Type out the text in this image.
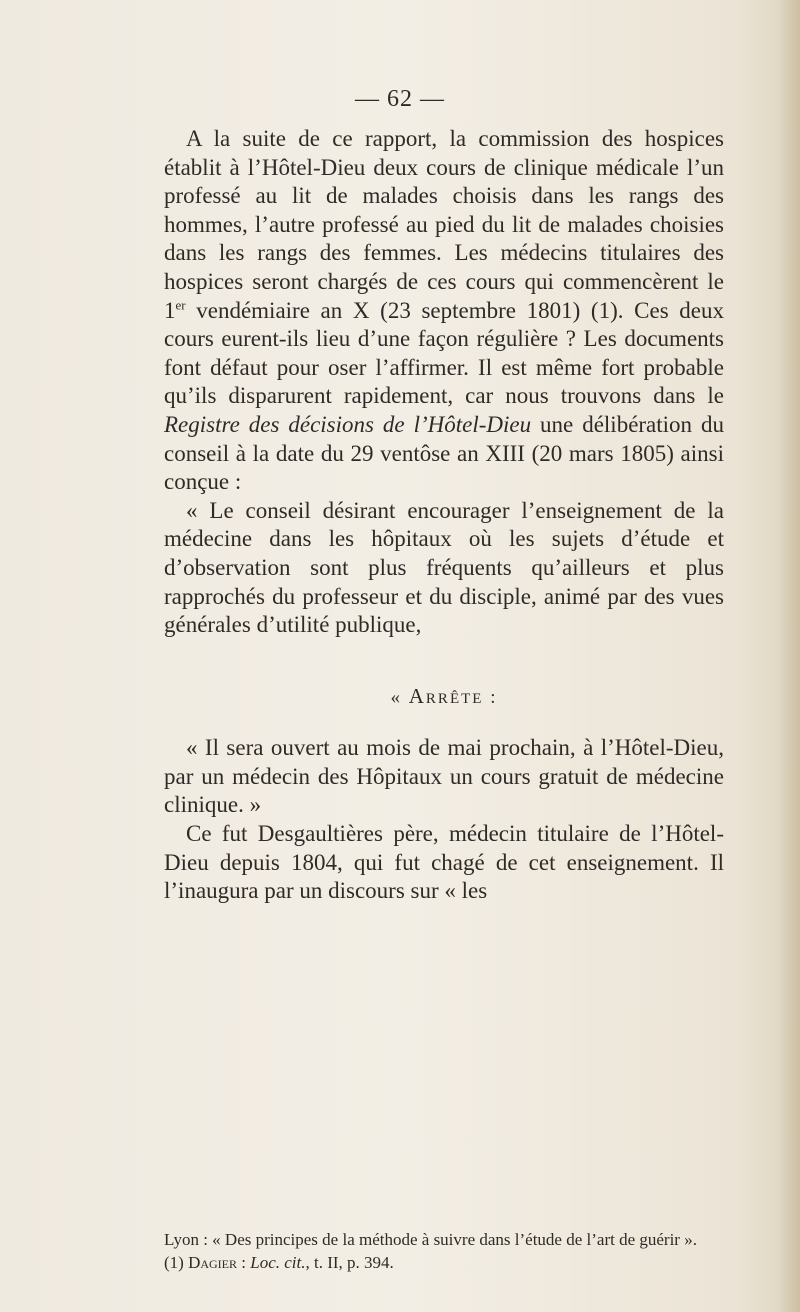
— 62 —

A la suite de ce rapport, la commission des hospices établit à l’Hôtel-Dieu deux cours de clinique médicale l’un professé au lit de malades choisis dans les rangs des hommes, l’autre professé au pied du lit de malades choisies dans les rangs des femmes. Les médecins titulaires des hospices seront chargés de ces cours qui commencèrent le 1er vendémiaire an X (23 septembre 1801) (1). Ces deux cours eurent-ils lieu d’une façon régulière ? Les documents font défaut pour oser l’affirmer. Il est même fort probable qu’ils disparurent rapidement, car nous trouvons dans le Registre des décisions de l’Hôtel-Dieu une délibération du conseil à la date du 29 ventôse an XIII (20 mars 1805) ainsi conçue :

« Le conseil désirant encourager l’enseignement de la médecine dans les hôpitaux où les sujets d’étude et d’observation sont plus fréquents qu’ailleurs et plus rapprochés du professeur et du disciple, animé par des vues générales d’utilité publique,

« Arrête :

« Il sera ouvert au mois de mai prochain, à l’Hôtel-Dieu, par un médecin des Hôpitaux un cours gratuit de médecine clinique. »

Ce fut Desgaultières père, médecin titulaire de l’Hôtel-Dieu depuis 1804, qui fut chagé de cet enseignement. Il l’inaugura par un discours sur « les

Lyon : « Des principes de la méthode à suivre dans l’étude de l’art de guérir ».

(1) Dagier : Loc. cit., t. II, p. 394.
